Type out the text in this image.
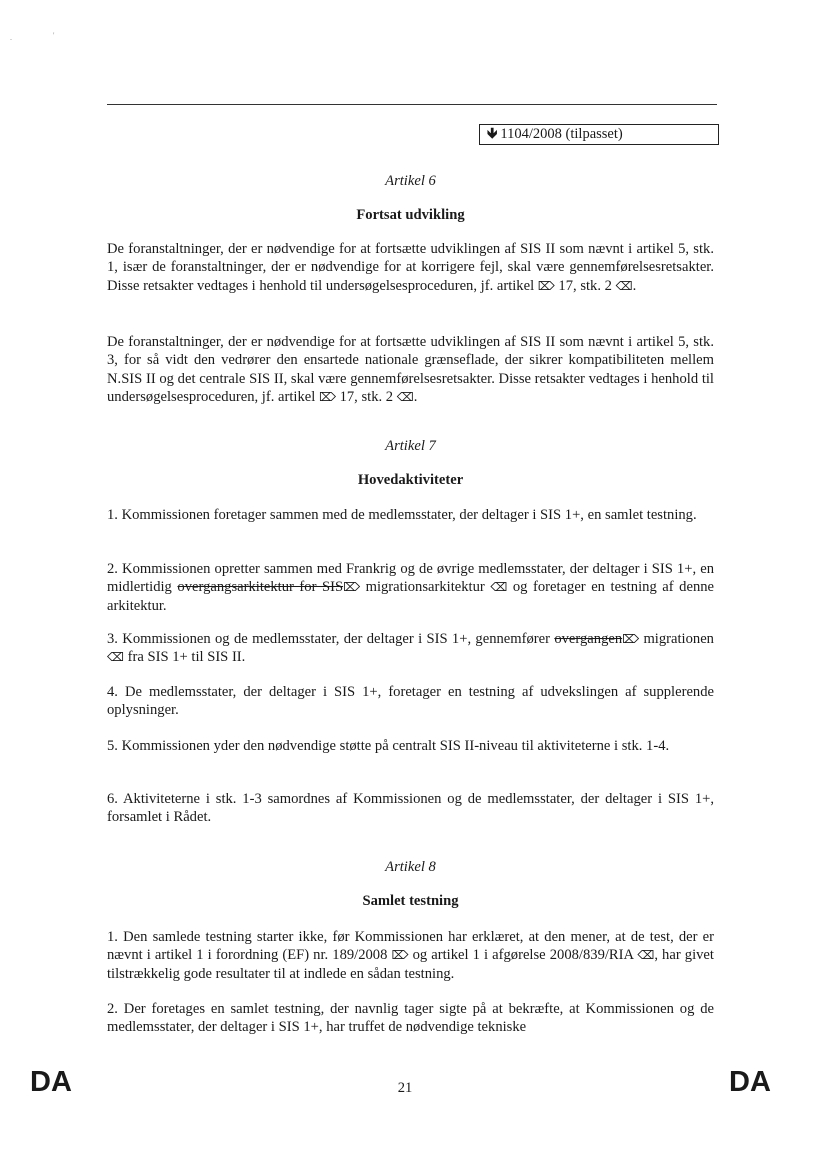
.	'
🡻 1104/2008 (tilpasset)
Artikel 6
Fortsat udvikling

De foranstaltninger, der er nødvendige for at fortsætte udviklingen af SIS II som nævnt i artikel 5, stk. 1, især de foranstaltninger, der er nødvendige for at korrigere fejl, skal være gennemførelsesretsakter. Disse retsakter vedtages i henhold til undersøgelsesproceduren, jf. artikel ⌦ 17, stk. 2 ⌫.

De foranstaltninger, der er nødvendige for at fortsætte udviklingen af SIS II som nævnt i artikel 5, stk. 3, for så vidt den vedrører den ensartede nationale grænseflade, der sikrer kompatibiliteten mellem N.SIS II og det centrale SIS II, skal være gennemførelsesretsakter. Disse retsakter vedtages i henhold til undersøgelsesproceduren, jf. artikel ⌦ 17, stk. 2 ⌫.

Artikel 7
Hovedaktiviteter

1. Kommissionen foretager sammen med de medlemsstater, der deltager i SIS 1+, en samlet testning.

2. Kommissionen opretter sammen med Frankrig og de øvrige medlemsstater, der deltager i SIS 1+, en midlertidig overgangsarkitektur for SIS⌦ migrationsarkitektur ⌫ og foretager en testning af denne arkitektur.

3. Kommissionen og de medlemsstater, der deltager i SIS 1+, gennemfører overgangen⌦ migrationen ⌫ fra SIS 1+ til SIS II.

4. De medlemsstater, der deltager i SIS 1+, foretager en testning af udvekslingen af supplerende oplysninger.

5. Kommissionen yder den nødvendige støtte på centralt SIS II-niveau til aktiviteterne i stk. 1-4.

6. Aktiviteterne i stk. 1-3 samordnes af Kommissionen og de medlemsstater, der deltager i SIS 1+, forsamlet i Rådet.

Artikel 8
Samlet testning

1. Den samlede testning starter ikke, før Kommissionen har erklæret, at den mener, at de test, der er nævnt i artikel 1 i forordning (EF) nr. 189/2008 ⌦ og artikel 1 i afgørelse 2008/839/RIA ⌫, har givet tilstrækkelig gode resultater til at indlede en sådan testning.

2. Der foretages en samlet testning, der navnlig tager sigte på at bekræfte, at Kommissionen og de medlemsstater, der deltager i SIS 1+, har truffet de nødvendige tekniske

DA	21	DA
